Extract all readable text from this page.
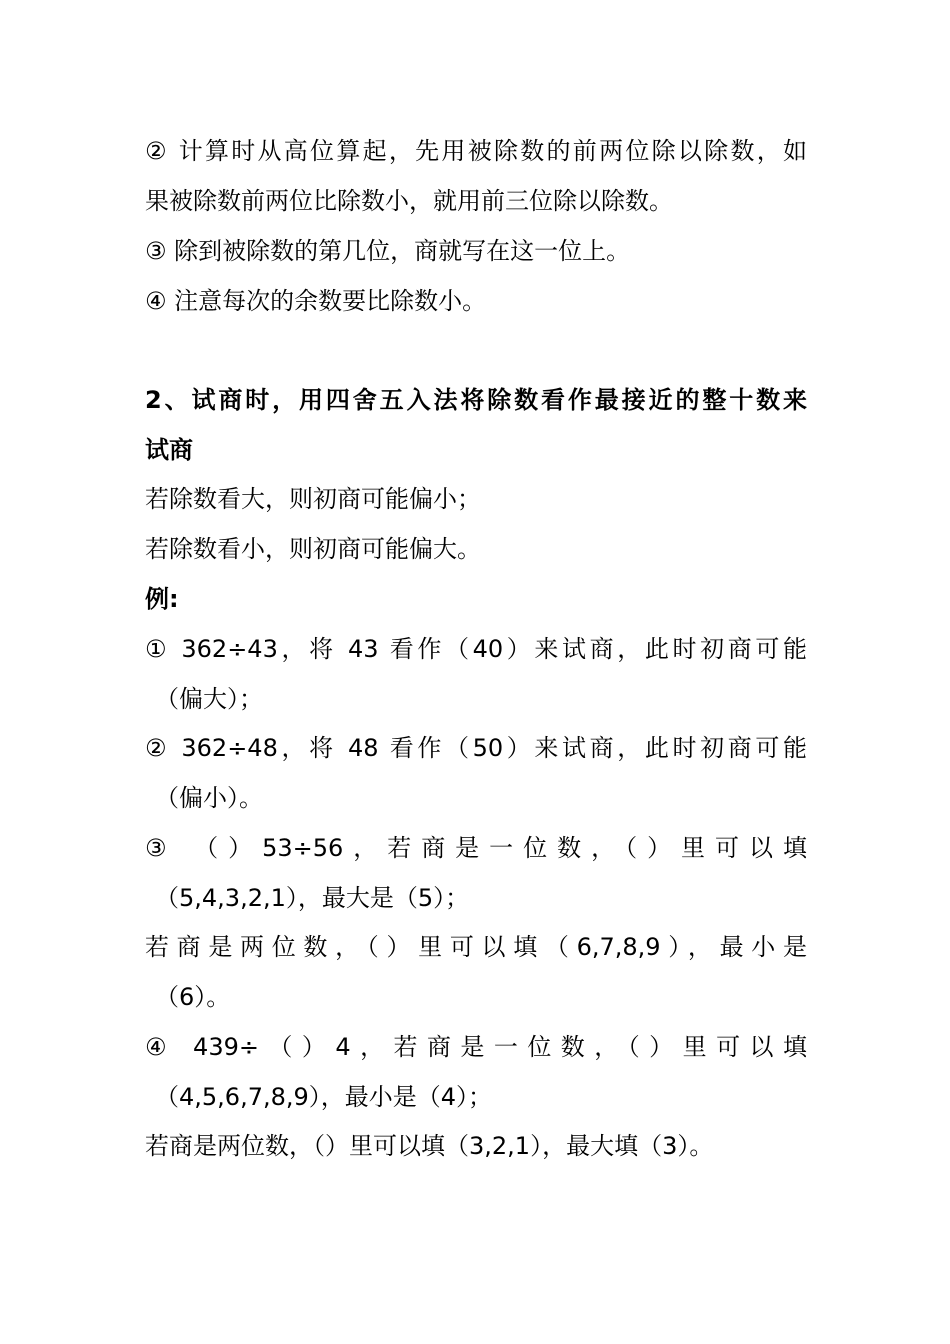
② 计算时从高位算起，先用被除数的前两位除以除数，如
果被除数前两位比除数小，就用前三位除以除数。
③ 除到被除数的第几位，商就写在这一位上。
④ 注意每次的余数要比除数小。
2、试商时，用四舍五入法将除数看作最接近的整十数来
试商
若除数看大，则初商可能偏小；
若除数看小，则初商可能偏大。
例:
① 362÷43，将 43 看作（40）来试商，此时初商可能
（偏大）；
② 362÷48，将 48 看作（50）来试商，此时初商可能
（偏小）。
③ （）53÷56，若商是一位数，（）里可以填
（5,4,3,2,1），最大是（5）；
若商是两位数，（）里可以填（6,7,8,9），最小是
（6）。
④ 439÷（）4，若商是一位数，（）里可以填
（4,5,6,7,8,9），最小是（4）；
若商是两位数，（）里可以填（3,2,1），最大填（3）。
